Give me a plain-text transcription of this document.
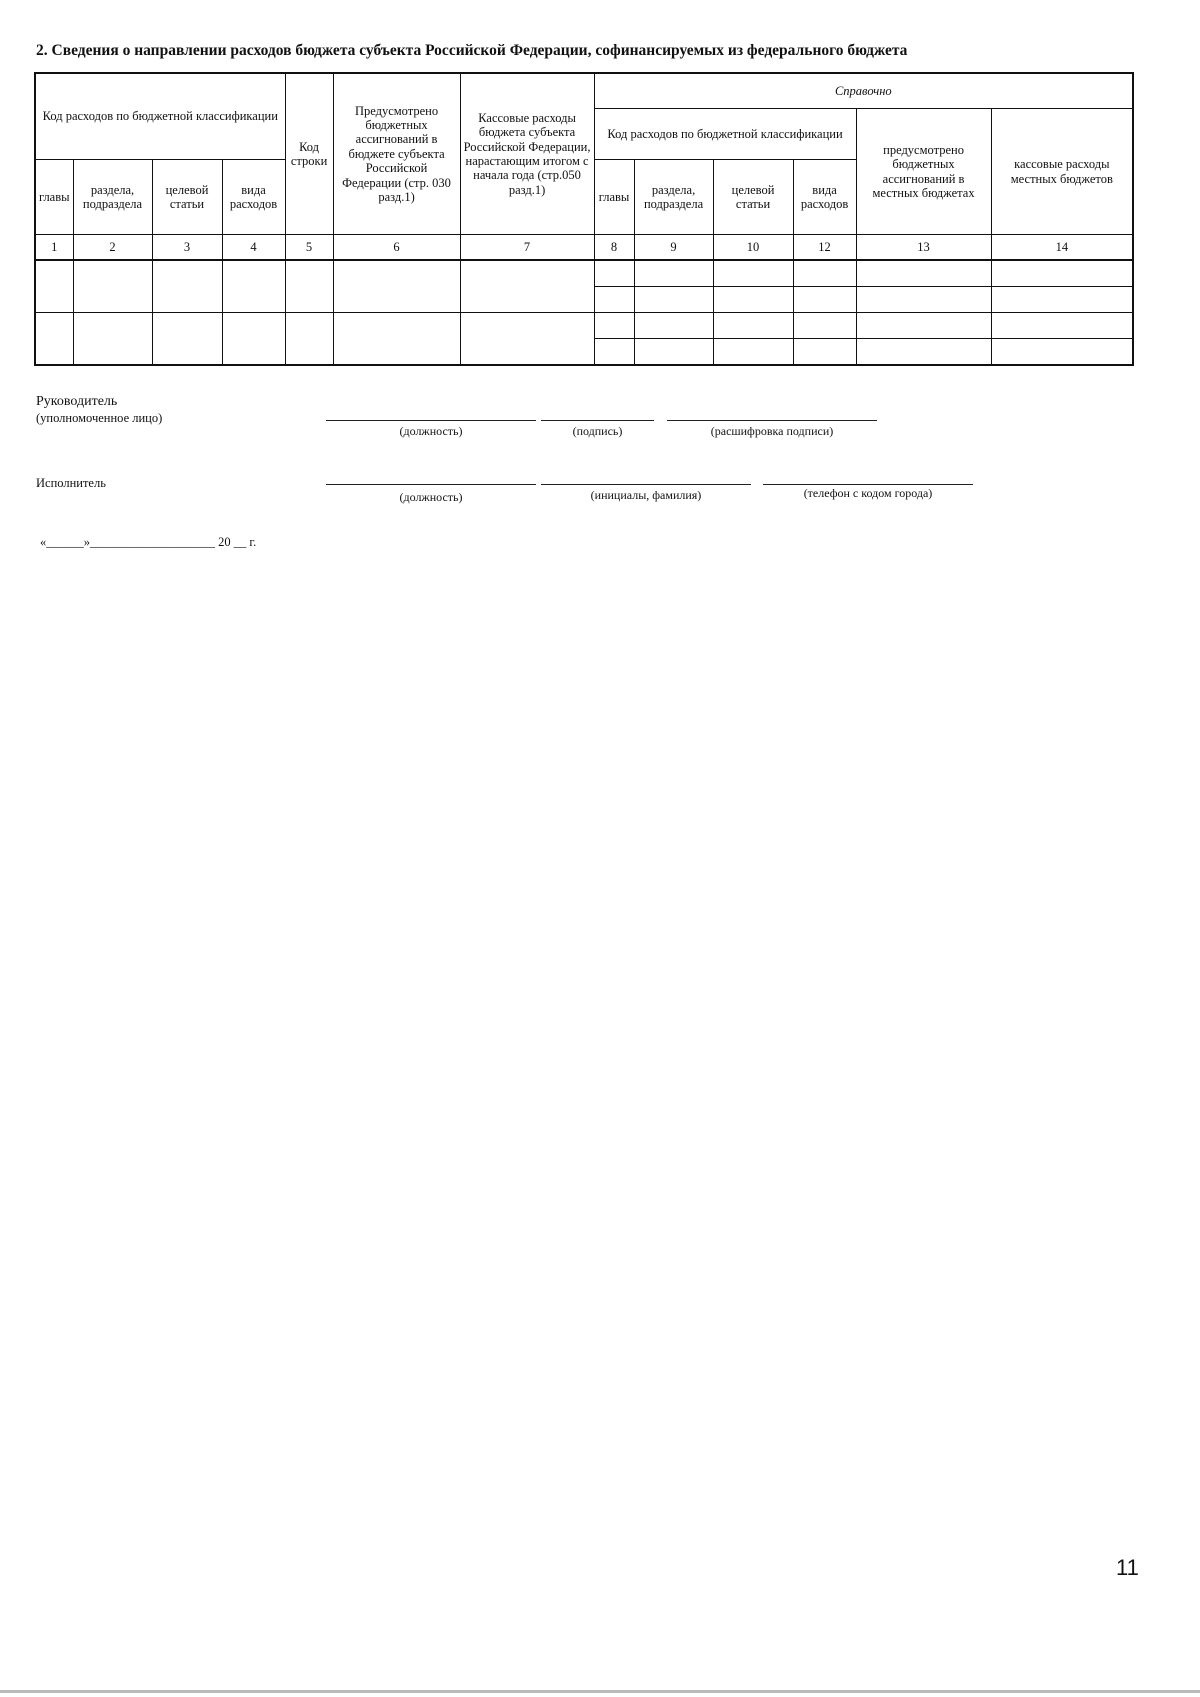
2. Сведения о направлении расходов бюджета субъекта Российской Федерации, софинансируемых из федерального бюджета
Код расходов по бюджетной классификации				Код строки	Предусмотрено бюджетных ассигнований в бюджете субъекта Российской Федерации (стр. 030 разд.1)	Кассовые расходы бюджета субъекта Российской Федерации, нарастающим итогом с начала года (стр.050 разд.1)	Справочно					
							Код расходов по бюджетной классификации				предусмотрено бюджетных ассигнований в местных бюджетах	кассовые расходы местных бюджетов
главы	раздела, подраздела	целевой статьи	вида расходов				главы	раздела, подраздела	целевой статьи	вида расходов		
1	2	3	4	5	6	7	8	9	10	12	13	14

Руководитель
(уполномоченное лицо)
(должность)	(подпись)	(расшифровка подписи)
Исполнитель
(должность)	(инициалы, фамилия)	(телефон с кодом города)
«______»____________________ 20 __ г.
11
